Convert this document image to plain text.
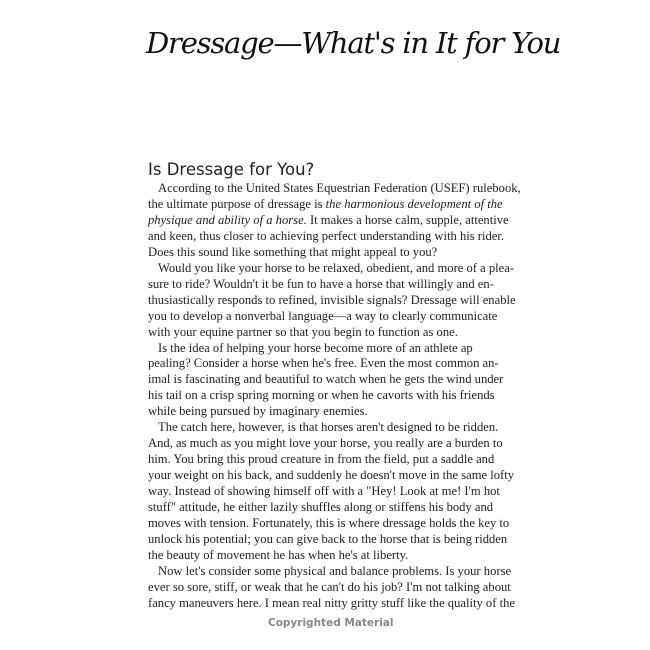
Dressage—What's in It for You
Is Dressage for You?
According to the United States Equestrian Federation (USEF) rulebook,
the ultimate purpose of dressage is the harmonious development of the
physique and ability of a horse. It makes a horse calm, supple, attentive
and keen, thus closer to achieving perfect understanding with his rider.
Does this sound like something that might appeal to you?
Would you like your horse to be relaxed, obedient, and more of a plea-
sure to ride? Wouldn't it be fun to have a horse that willingly and en-
thusiastically responds to refined, invisible signals? Dressage will enable
you to develop a nonverbal language—a way to clearly communicate
with your equine partner so that you begin to function as one.
Is the idea of helping your horse become more of an athlete ap
pealing? Consider a horse when he's free. Even the most common an-
imal is fascinating and beautiful to watch when he gets the wind under
his tail on a crisp spring morning or when he cavorts with his friends
while being pursued by imaginary enemies.
The catch here, however, is that horses aren't designed to be ridden.
And, as much as you might love your horse, you really are a burden to
him. You bring this proud creature in from the field, put a saddle and
your weight on his back, and suddenly he doesn't move in the same lofty
way. Instead of showing himself off with a "Hey! Look at me! I'm hot
stuff" attitude, he either lazily shuffles along or stiffens his body and
moves with tension. Fortunately, this is where dressage holds the key to
unlock his potential; you can give back to the horse that is being ridden
the beauty of movement he has when he's at liberty.
Now let's consider some physical and balance problems. Is your horse
ever so sore, stiff, or weak that he can't do his job? I'm not talking about
fancy maneuvers here. I mean real nitty gritty stuff like the quality of the
Copyrighted Material
